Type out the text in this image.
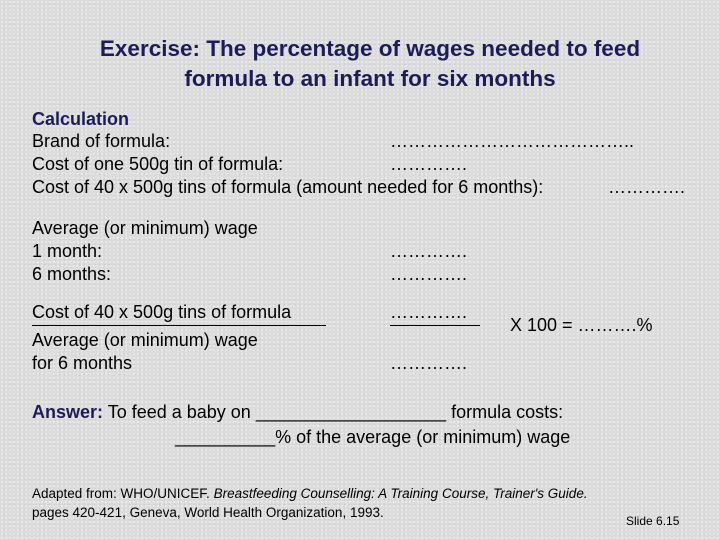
Exercise: The percentage of wages needed to feed
formula to an infant for six months
Calculation
Brand of formula:	…………………………………..
Cost of one 500g tin of formula:	………….
Cost of 40 x 500g tins of formula (amount needed for 6 months):	………….
Average (or minimum) wage
1 month:	………….
6 months:	………….
Cost of 40 x 500g tins of formula	………….
Average (or minimum) wage
for 6 months	………….
X 100 = ……….%
Answer: To feed a baby on ___________________ formula costs:
__________% of the average (or minimum) wage
Adapted from: WHO/UNICEF. Breastfeeding Counselling: A Training Course, Trainer's Guide.
pages 420-421, Geneva, World Health Organization, 1993.
Slide 6.15
